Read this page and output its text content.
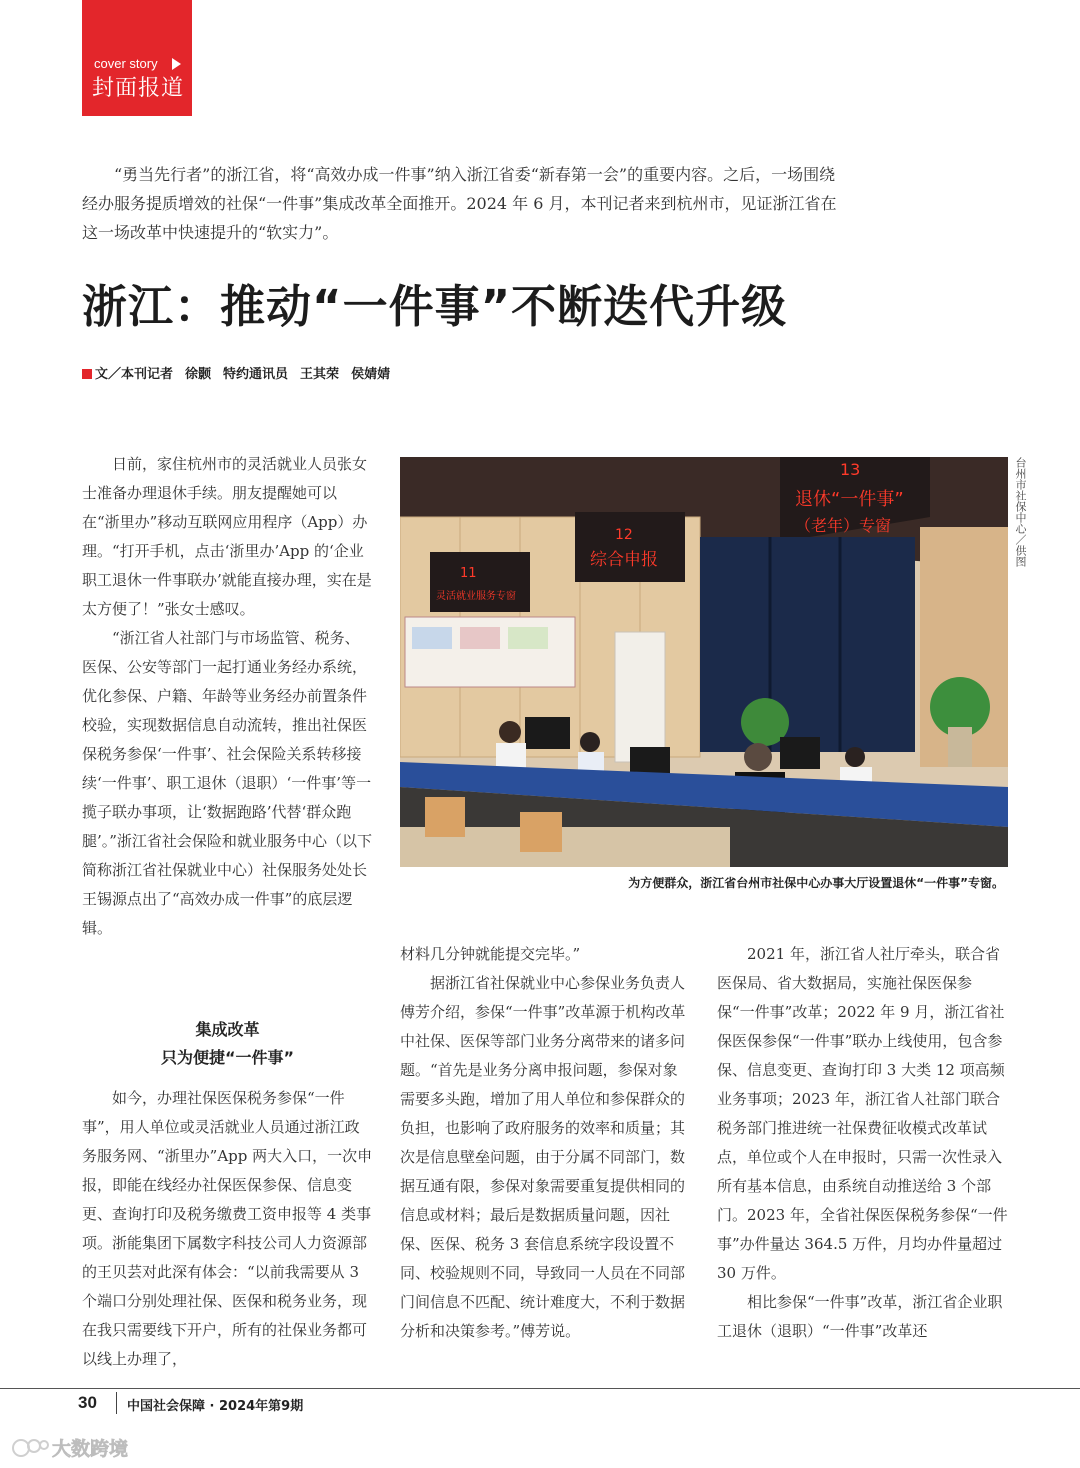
cover story
封面报道

“勇当先行者”的浙江省，将“高效办成一件事”纳入浙江省委“新春第一会”的重要内容。之后，一场围绕经办服务提质增效的社保“一件事”集成改革全面推开。2024 年 6 月，本刊记者来到杭州市，见证浙江省在这一场改革中快速提升的“软实力”。

浙江：推动“一件事”不断迭代升级
文／本刊记者 徐颢 特约通讯员 王其荣 侯婧婧

日前，家住杭州市的灵活就业人员张女士准备办理退休手续。朋友提醒她可以在“浙里办”移动互联网应用程序（App）办理。“打开手机，点击‘浙里办’App 的‘企业职工退休一件事联办’就能直接办理，实在是太方便了！”张女士感叹。

“浙江省人社部门与市场监管、税务、医保、公安等部门一起打通业务经办系统，优化参保、户籍、年龄等业务经办前置条件校验，实现数据信息自动流转，推出社保医保税务参保‘一件事’、社会保险关系转移接续‘一件事’、职工退休（退职）‘一件事’等一揽子联办事项，让‘数据跑路’代替‘群众跑腿’。”浙江省社会保险和就业服务中心（以下简称浙江省社保就业中心）社保服务处处长王锡源点出了“高效办成一件事”的底层逻辑。

集成改革
只为便捷“一件事”

如今，办理社保医保税务参保“一件事”，用人单位或灵活就业人员通过浙江政务服务网、“浙里办”App 两大入口，一次申报，即能在线经办社保医保参保、信息变更、查询打印及税务缴费工资申报等 4 类事项。浙能集团下属数字科技公司人力资源部的王贝芸对此深有体会：“以前我需要从 3 个端口分别处理社保、医保和税务业务，现在我只需要线下开户，所有的社保业务都可以线上办理了，

11
灵活就业服务专窗
12
综合申报
13
退休“一件事”
（老年）专窗	台州市社保中心／供图
为方便群众，浙江省台州市社保中心办事大厅设置退休“一件事”专窗。

材料几分钟就能提交完毕。”

据浙江省社保就业中心参保业务负责人傅芳介绍，参保“一件事”改革源于机构改革中社保、医保等部门业务分离带来的诸多问题。“首先是业务分离申报问题，参保对象需要多头跑，增加了用人单位和参保群众的负担，也影响了政府服务的效率和质量；其次是信息壁垒问题，由于分属不同部门，数据互通有限，参保对象需要重复提供相同的信息或材料；最后是数据质量问题，因社保、医保、税务 3 套信息系统字段设置不同、校验规则不同，导致同一人员在不同部门间信息不匹配、统计难度大，不利于数据分析和决策参考。”傅芳说。

2021 年，浙江省人社厅牵头，联合省医保局、省大数据局，实施社保医保参保“一件事”改革；2022 年 9 月，浙江省社保医保参保“一件事”联办上线使用，包含参保、信息变更、查询打印 3 大类 12 项高频业务事项；2023 年，浙江省人社部门联合税务部门推进统一社保费征收模式改革试点，单位或个人在申报时，只需一次性录入所有基本信息，由系统自动推送给 3 个部门。2023 年，全省社保医保税务参保“一件事”办件量达 364.5 万件，月均办件量超过 30 万件。

相比参保“一件事”改革，浙江省企业职工退休（退职）“一件事”改革还

30 中国社会保障 · 2024年第9期
大数跨境
